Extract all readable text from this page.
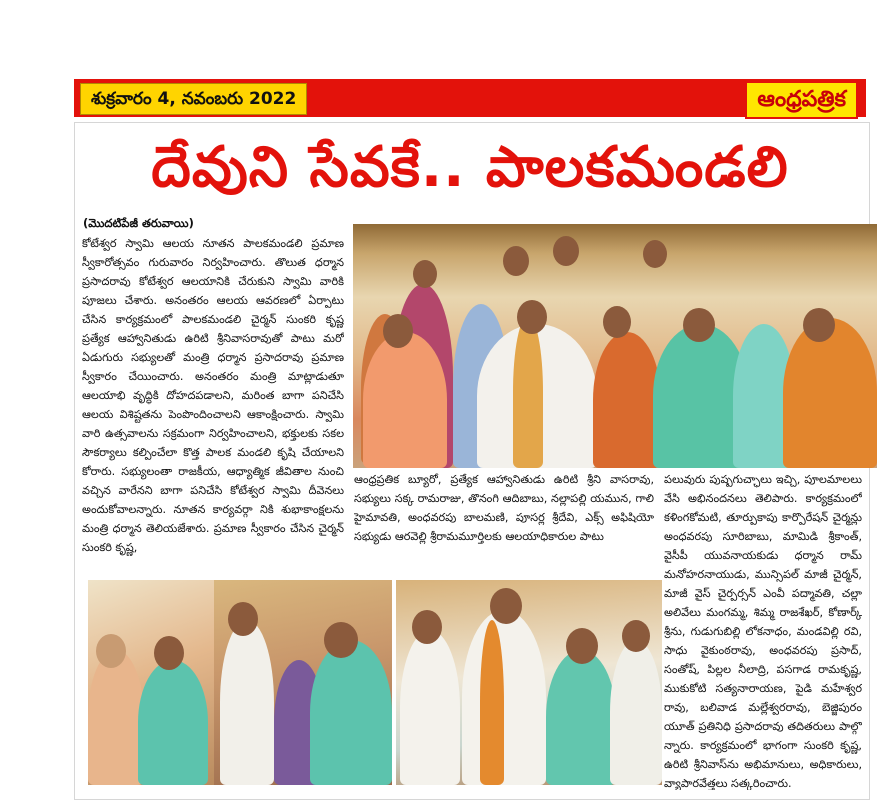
శుక్రవారం 4, నవంబరు 2022	ఆంధ్రపత్రిక
దేవుని సేవకే.. పాలకమండలి
(మొదటిపేజీ తరువాయి)

కోటేశ్వర స్వామి ఆలయ నూతన పాలకమండలి ప్రమాణ స్వీకారోత్సవం గురువారం నిర్వహించారు. తొలుత ధర్మాన ప్రసాదరావు కోటేశ్వర ఆలయానికి చేరుకుని స్వామి వారికి పూజలు చేశారు. అనంతరం ఆలయ ఆవరణలో ఏర్పాటు చేసిన కార్యక్రమంలో పాలకమండలి చైర్మన్ సుంకరి కృష్ణ ప్రత్యేక ఆహ్వానితుడు ఉరిటి శ్రీనివాసరావుతో పాటు మరో ఏడుగురు సభ్యులతో మంత్రి ధర్మాన ప్రసాదరావు ప్రమాణ స్వీకారం చేయించారు. అనంతరం మంత్రి మాట్లాడుతూ ఆలయాభి వృద్ధికి దోహదపడాలని, మరింత బాగా పనిచేసి ఆలయ విశిష్టతను పెంపొందించాలని ఆకాంక్షించారు. స్వామి వారి ఉత్సవాలను సక్రమంగా నిర్వహించాలని, భక్తులకు సకల సౌకర్యాలు కల్పించేలా కొత్త పాలక మండలి కృషి చేయాలని కోరారు. సభ్యులంతా రాజకీయ, ఆధ్యాత్మిక జీవితాల నుంచి వచ్చిన వారేనని బాగా పనిచేసి కోటేశ్వర స్వామి దీవెనలు అందుకోవాలన్నారు. నూతన కార్యవర్గా నికి శుభాకాంక్షలను మంత్రి ధర్మాన తెలియజేశారు. ప్రమాణ స్వీకారం చేసిన చైర్మన్ సుంకరి కృష్ణ,

ఆంధ్రప్రతిక బ్యూరో, ప్రత్యేక ఆహ్వానితుడు ఉరిటి శ్రీని వాసరావు, సభ్యులు సక్క రామరాజు, తొనంగి ఆదిబాబు, నల్లాపల్లి యమున, గాలి హైమావతి, అంధవరపు బాలమణి, పూసర్ల శ్రీదేవి, ఎక్స్ అఫిషియో సభ్యుడు ఆరవెల్లి శ్రీరామమూర్తిలకు ఆలయాధికారుల పాటు

పలువురు పుష్పగుచ్ఛాలు ఇచ్చి, పూలమాలలు వేసి అభినందనలు తెలిపారు. కార్యక్రమంలో కళింగకోమటి, తూర్పుకాపు కార్పొరేషన్ చైర్మన్లు అంధవరపు సూరిబాబు, మామిడి శ్రీకాంత్, వైసీపీ యువనాయకుడు ధర్మాన రామ్ మనోహరనాయుడు, మున్సిపల్ మాజీ చైర్మన్, మాజీ వైస్ చైర్పర్సన్ ఎంవీ పద్మావతి, చల్లా అలివేలు మంగమ్మ, శిమ్మ రాజశేఖర్, కోణార్క్ శ్రీను, గుడుగుబిల్లి లోకనాధం, మండవిల్లి రవి, సాధు వైకుంఠరావు, అంధవరపు ప్రసాద్, సంతోష్, పిల్లల నీలాద్రి, పసగాడ రామకృష్ణ, ముకుకోటి సత్యనారాయణ, పైడి మహేశ్వర రావు, బలివాడ మల్లేశ్వరరావు, బెజ్జిపురం యూత్ ప్రతినిధి ప్రసాదరావు తదితరులు పాల్గొ న్నారు. కార్యక్రమంలో భాగంగా సుంకరి కృష్ణ, ఉరిటి శ్రీనివాస్‌ను అభిమానులు, అధికారులు, వ్యాపారవేత్తలు సత్కరించారు.
